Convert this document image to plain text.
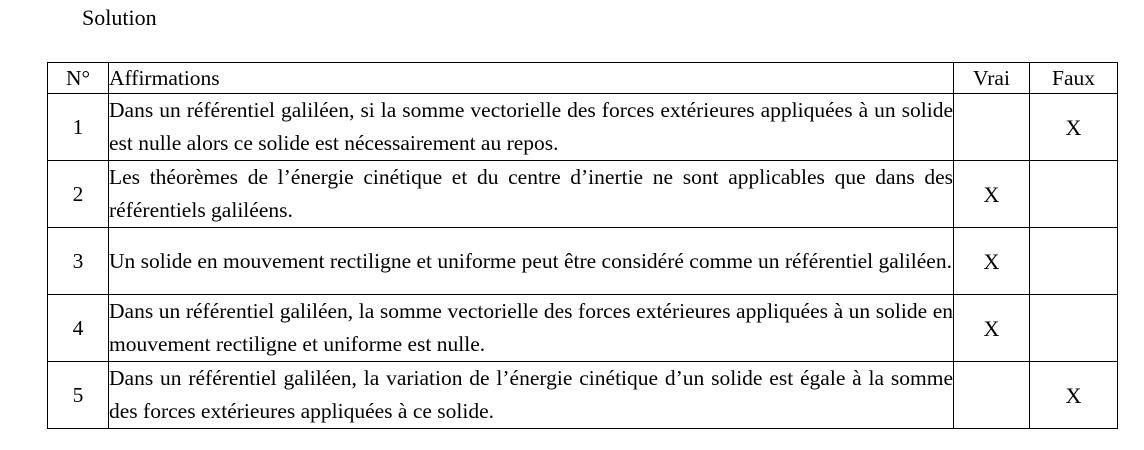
Solution
N°	Affirmations	Vrai	Faux
1	Dans un référentiel galiléen, si la somme vectorielle des forces extérieures appliquées à un solide est nulle alors ce solide est nécessairement au repos.		X
2	Les théorèmes de l’énergie cinétique et du centre d’inertie ne sont applicables que dans des référentiels galiléens.	X	
3	Un solide en mouvement rectiligne et uniforme peut être considéré comme un référentiel galiléen.	X	
4	Dans un référentiel galiléen, la somme vectorielle des forces extérieures appliquées à un solide en mouvement rectiligne et uniforme est nulle.	X	
5	Dans un référentiel galiléen, la variation de l’énergie cinétique d’un solide est égale à la somme des forces extérieures appliquées à ce solide.		X
